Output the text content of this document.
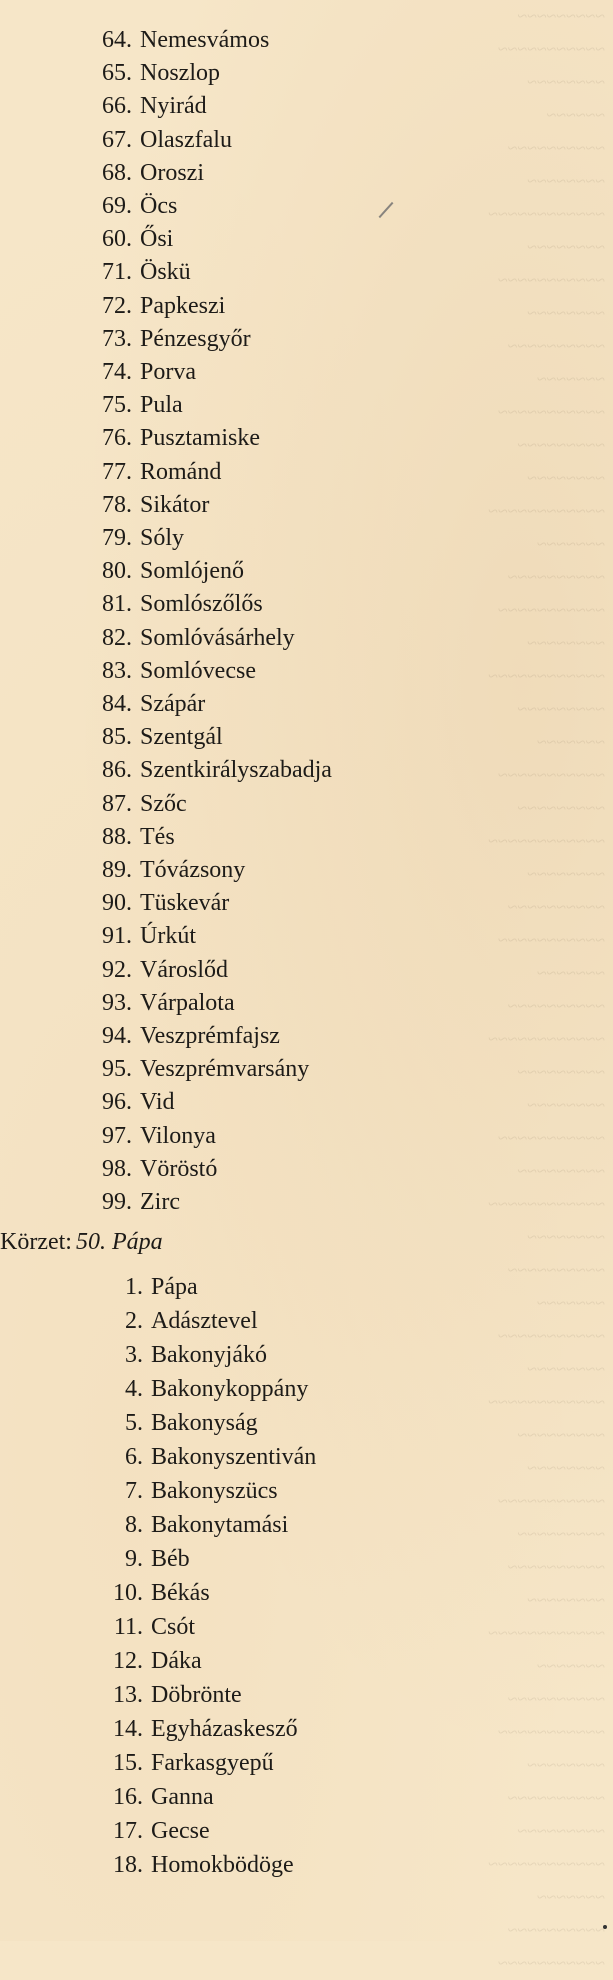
~~~~~~~~~
~~~~~~~~~~~
~~~~~~~~
~~~~~~
~~~~~~~~~~
~~~~~~~~
~~~~~~~~~~~~
~~~~~~~~
~~~~~~~~~~~
~~~~~~~~
~~~~~~~~~~
~~~~~~~
~~~~~~~~~~~
~~~~~~~~~
~~~~~~~~
~~~~~~~~~~~~
~~~~~~~
~~~~~~~~~~
~~~~~~~~~~~
~~~~~~~~
~~~~~~~~~~~~
~~~~~~~~~
~~~~~~~
~~~~~~~~~~~
~~~~~~~~~
~~~~~~~~~~~~
~~~~~~~~
~~~~~~~~~~
~~~~~~~~~~~
~~~~~~~
~~~~~~~~~~
~~~~~~~~~~~~
~~~~~~~~~
~~~~~~~~
~~~~~~~~~~~
~~~~~~~~~
~~~~~~~~~~~~
~~~~~~~~
~~~~~~~~~~
~~~~~~~
~~~~~~~~~~~
~~~~~~~~
~~~~~~~~~~~~
~~~~~~~~~
~~~~~~~~
~~~~~~~~~~~
~~~~~~~~~
~~~~~~~~~~
~~~~~~~~
~~~~~~~~~~~~
~~~~~~~
~~~~~~~~~~
~~~~~~~~~~~
~~~~~~~~
~~~~~~~~~~
~~~~~~~~~
~~~~~~~~~~~~
~~~~~~~
~~~~~~~~~~
~~~~~~~~~~~
64. Nemesvámos
65. Noszlop
66. Nyirád
67. Olaszfalu
68. Oroszi
69. Öcs
60. Ősi
71. Öskü
72. Papkeszi
73. Pénzesgyőr
74. Porva
75. Pula
76. Pusztamiske
77. Románd
78. Sikátor
79. Sóly
80. Somlójenő
81. Somlószőlős
82. Somlóvásárhely
83. Somlóvecse
84. Szápár
85. Szentgál
86. Szentkirályszabadja
87. Szőc
88. Tés
89. Tóvázsony
90. Tüskevár
91. Úrkút
92. Városlőd
93. Várpalota
94. Veszprémfajsz
95. Veszprémvarsány
96. Vid
97. Vilonya
98. Vöröstó
99. Zirc
Körzet: 50. Pápa
1. Pápa
2. Adásztevel
3. Bakonyjákó
4. Bakonykoppány
5. Bakonyság
6. Bakonyszentiván
7. Bakonyszücs
8. Bakonytamási
9. Béb
10. Békás
11. Csót
12. Dáka
13. Döbrönte
14. Egyházaskesző
15. Farkasgyepű
16. Ganna
17. Gecse
18. Homokbödöge
